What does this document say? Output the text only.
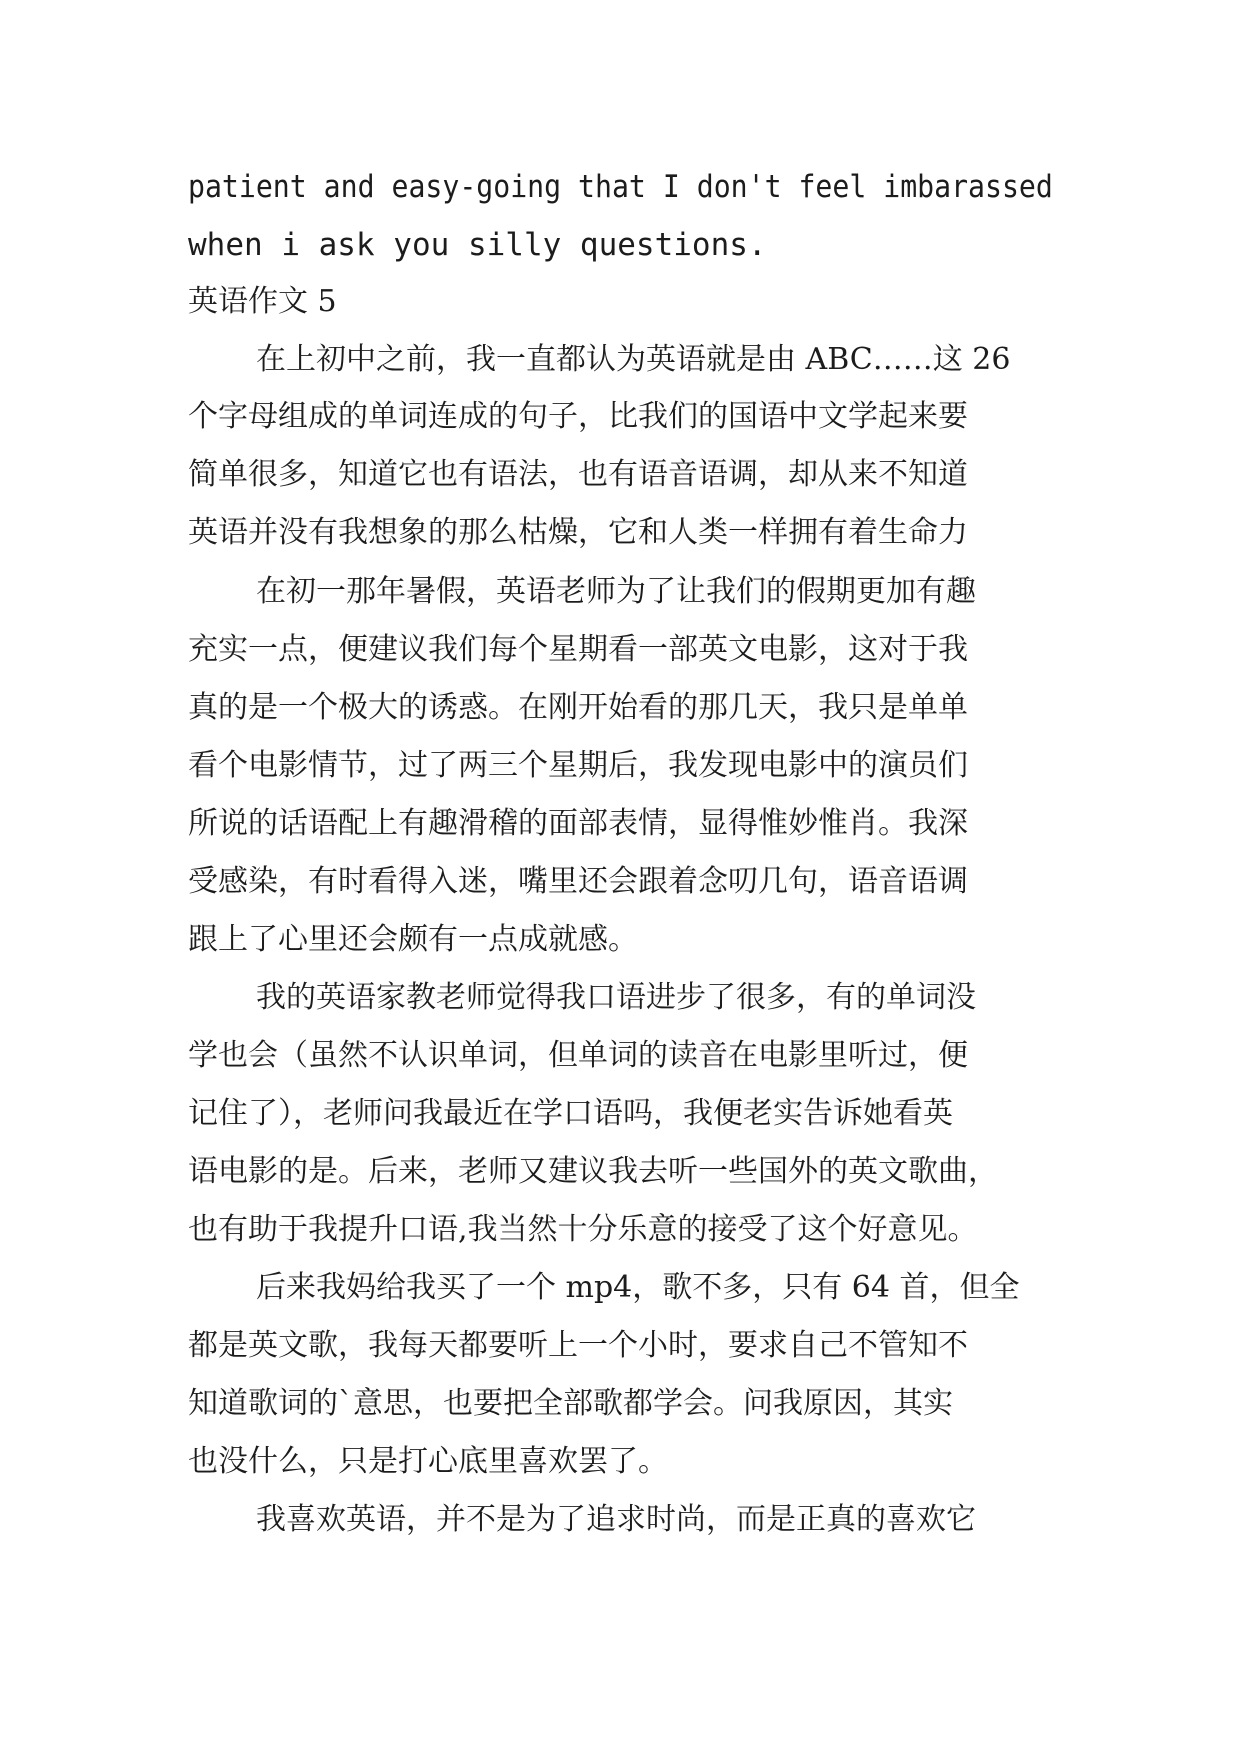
patient and easy-going that I don't feel imbarassed
when i ask you silly questions.
英语作文 5
在上初中之前，我一直都认为英语就是由 ABC……这 26
个字母组成的单词连成的句子，比我们的国语中文学起来要
简单很多，知道它也有语法，也有语音语调，却从来不知道
英语并没有我想象的那么枯燥，它和人类一样拥有着生命力
在初一那年暑假，英语老师为了让我们的假期更加有趣
充实一点，便建议我们每个星期看一部英文电影，这对于我
真的是一个极大的诱惑。在刚开始看的那几天，我只是单单
看个电影情节，过了两三个星期后，我发现电影中的演员们
所说的话语配上有趣滑稽的面部表情，显得惟妙惟肖。我深
受感染，有时看得入迷，嘴里还会跟着念叨几句，语音语调
跟上了心里还会颇有一点成就感。
我的英语家教老师觉得我口语进步了很多，有的单词没
学也会（虽然不认识单词，但单词的读音在电影里听过，便
记住了），老师问我最近在学口语吗，我便老实告诉她看英
语电影的是。后来，老师又建议我去听一些国外的英文歌曲，
也有助于我提升口语,我当然十分乐意的接受了这个好意见。
后来我妈给我买了一个 mp4，歌不多，只有 64 首，但全
都是英文歌，我每天都要听上一个小时，要求自己不管知不
知道歌词的`意思，也要把全部歌都学会。问我原因，其实
也没什么，只是打心底里喜欢罢了。
我喜欢英语，并不是为了追求时尚，而是正真的喜欢它
